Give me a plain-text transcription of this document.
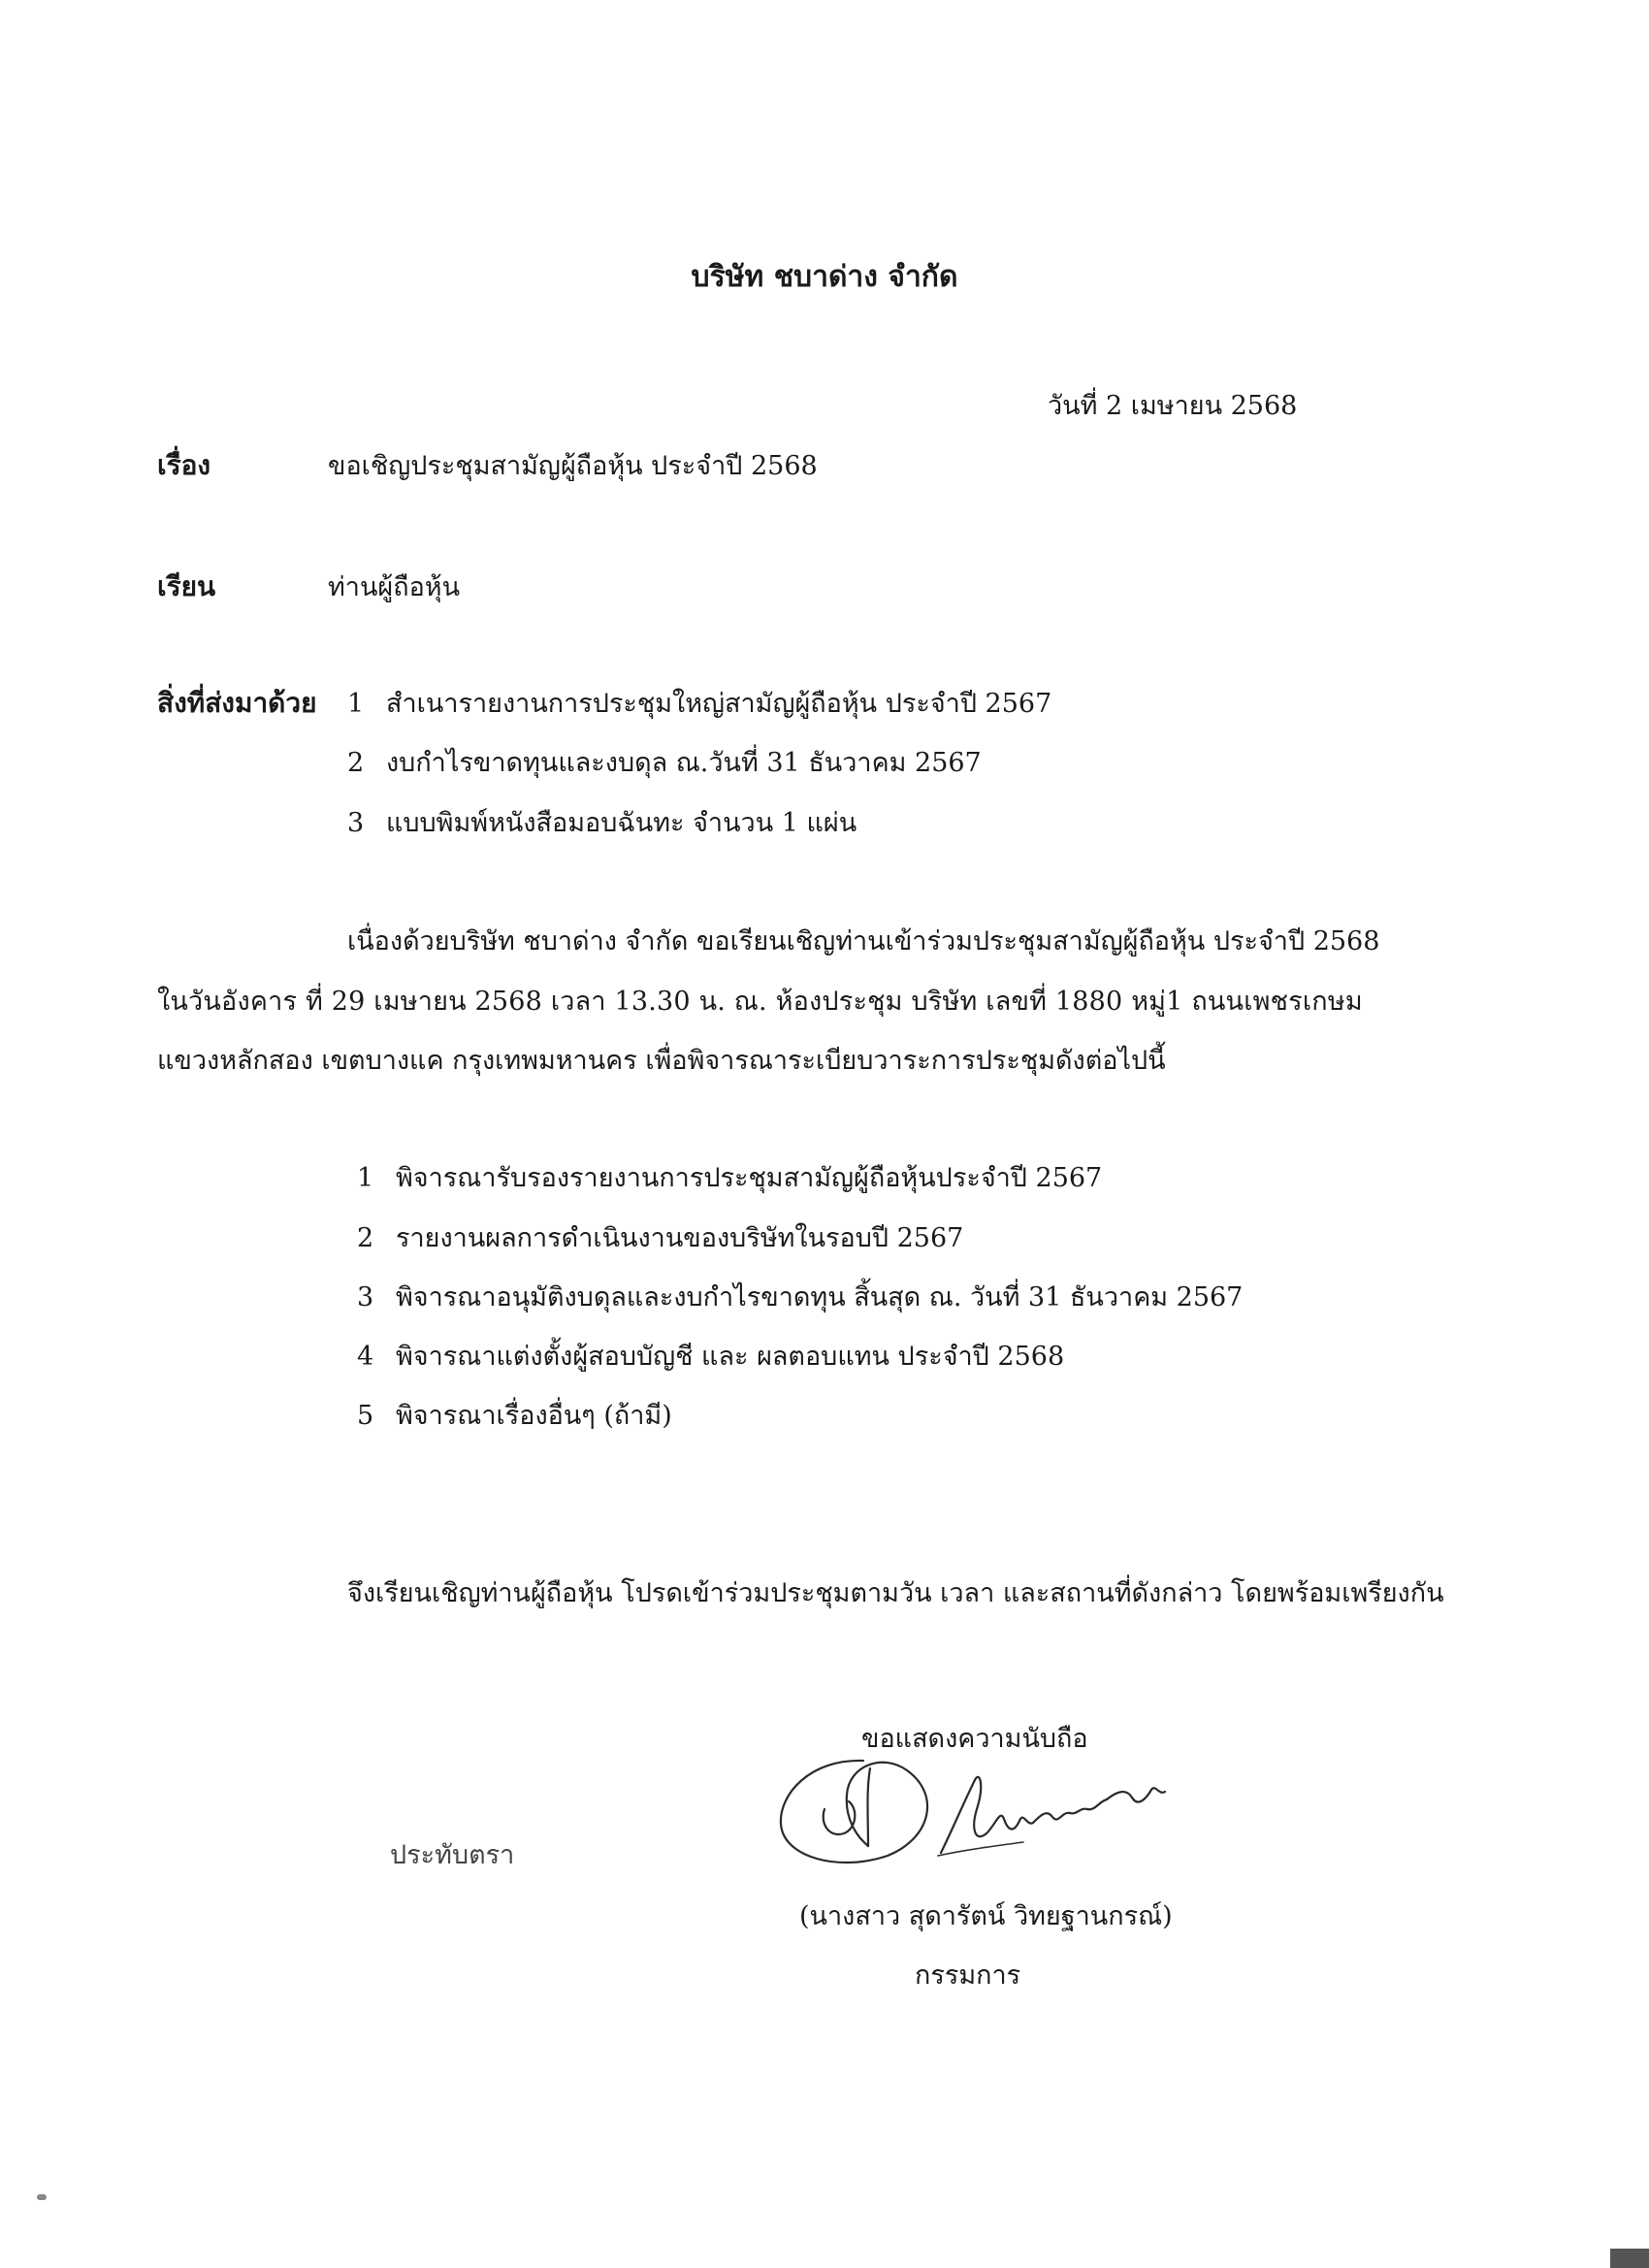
บริษัท ชบาด่าง จำกัด
วันที่ 2 เมษายน 2568
เรื่อง	ขอเชิญประชุมสามัญผู้ถือหุ้น ประจำปี 2568
เรียน	ท่านผู้ถือหุ้น
สิ่งที่ส่งมาด้วย 1 สำเนารายงานการประชุมใหญ่สามัญผู้ถือหุ้น ประจำปี 2567
2 งบกำไรขาดทุนและงบดุล ณ.วันที่ 31 ธันวาคม 2567
3 แบบพิมพ์หนังสือมอบฉันทะ จำนวน 1 แผ่น
เนื่องด้วยบริษัท ชบาด่าง จำกัด ขอเรียนเชิญท่านเข้าร่วมประชุมสามัญผู้ถือหุ้น ประจำปี 2568
ในวันอังคาร ที่ 29 เมษายน 2568 เวลา 13.30 น. ณ. ห้องประชุม บริษัท เลขที่ 1880 หมู่1 ถนนเพชรเกษม
แขวงหลักสอง เขตบางแค กรุงเทพมหานคร เพื่อพิจารณาระเบียบวาระการประชุมดังต่อไปนี้
1 พิจารณารับรองรายงานการประชุมสามัญผู้ถือหุ้นประจำปี 2567
2 รายงานผลการดำเนินงานของบริษัทในรอบปี 2567
3 พิจารณาอนุมัติงบดุลและงบกำไรขาดทุน สิ้นสุด ณ. วันที่ 31 ธันวาคม 2567
4 พิจารณาแต่งตั้งผู้สอบบัญชี และ ผลตอบแทน ประจำปี 2568
5 พิจารณาเรื่องอื่นๆ (ถ้ามี)
จึงเรียนเชิญท่านผู้ถือหุ้น โปรดเข้าร่วมประชุมตามวัน เวลา และสถานที่ดังกล่าว โดยพร้อมเพรียงกัน
ขอแสดงความนับถือ
ประทับตรา
(นางสาว สุดารัตน์ วิทยฐานกรณ์)
กรรมการ
